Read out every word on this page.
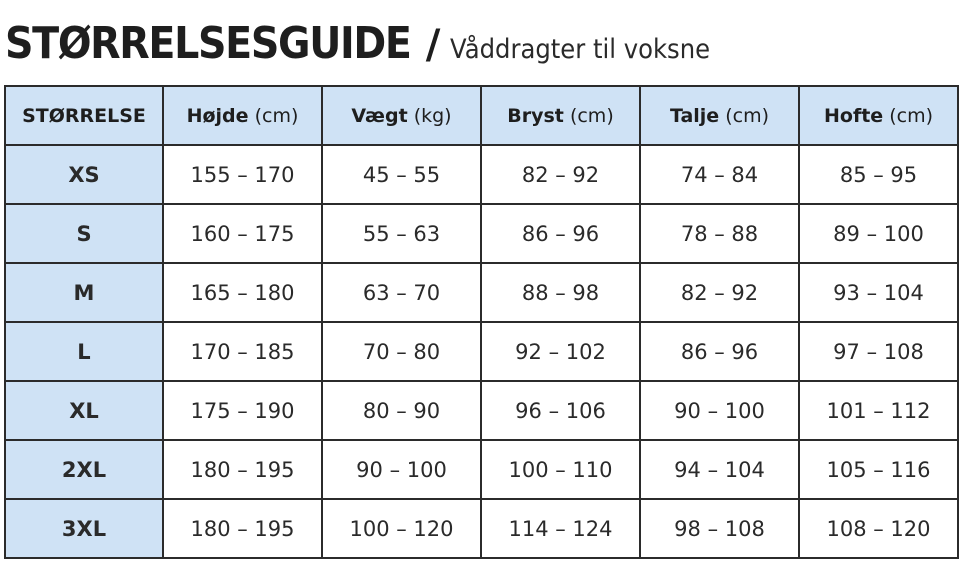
STØRRELSESGUIDE / Våddragter til voksne
STØRRELSE	Højde (cm)	Vægt (kg)	Bryst (cm)	Talje (cm)	Hofte (cm)
XS	155 – 170	45 – 55	82 – 92	74 – 84	85 – 95
S	160 – 175	55 – 63	86 – 96	78 – 88	89 – 100
M	165 – 180	63 – 70	88 – 98	82 – 92	93 – 104
L	170 – 185	70 – 80	92 – 102	86 – 96	97 – 108
XL	175 – 190	80 – 90	96 – 106	90 – 100	101 – 112
2XL	180 – 195	90 – 100	100 – 110	94 – 104	105 – 116
3XL	180 – 195	100 – 120	114 – 124	98 – 108	108 – 120
